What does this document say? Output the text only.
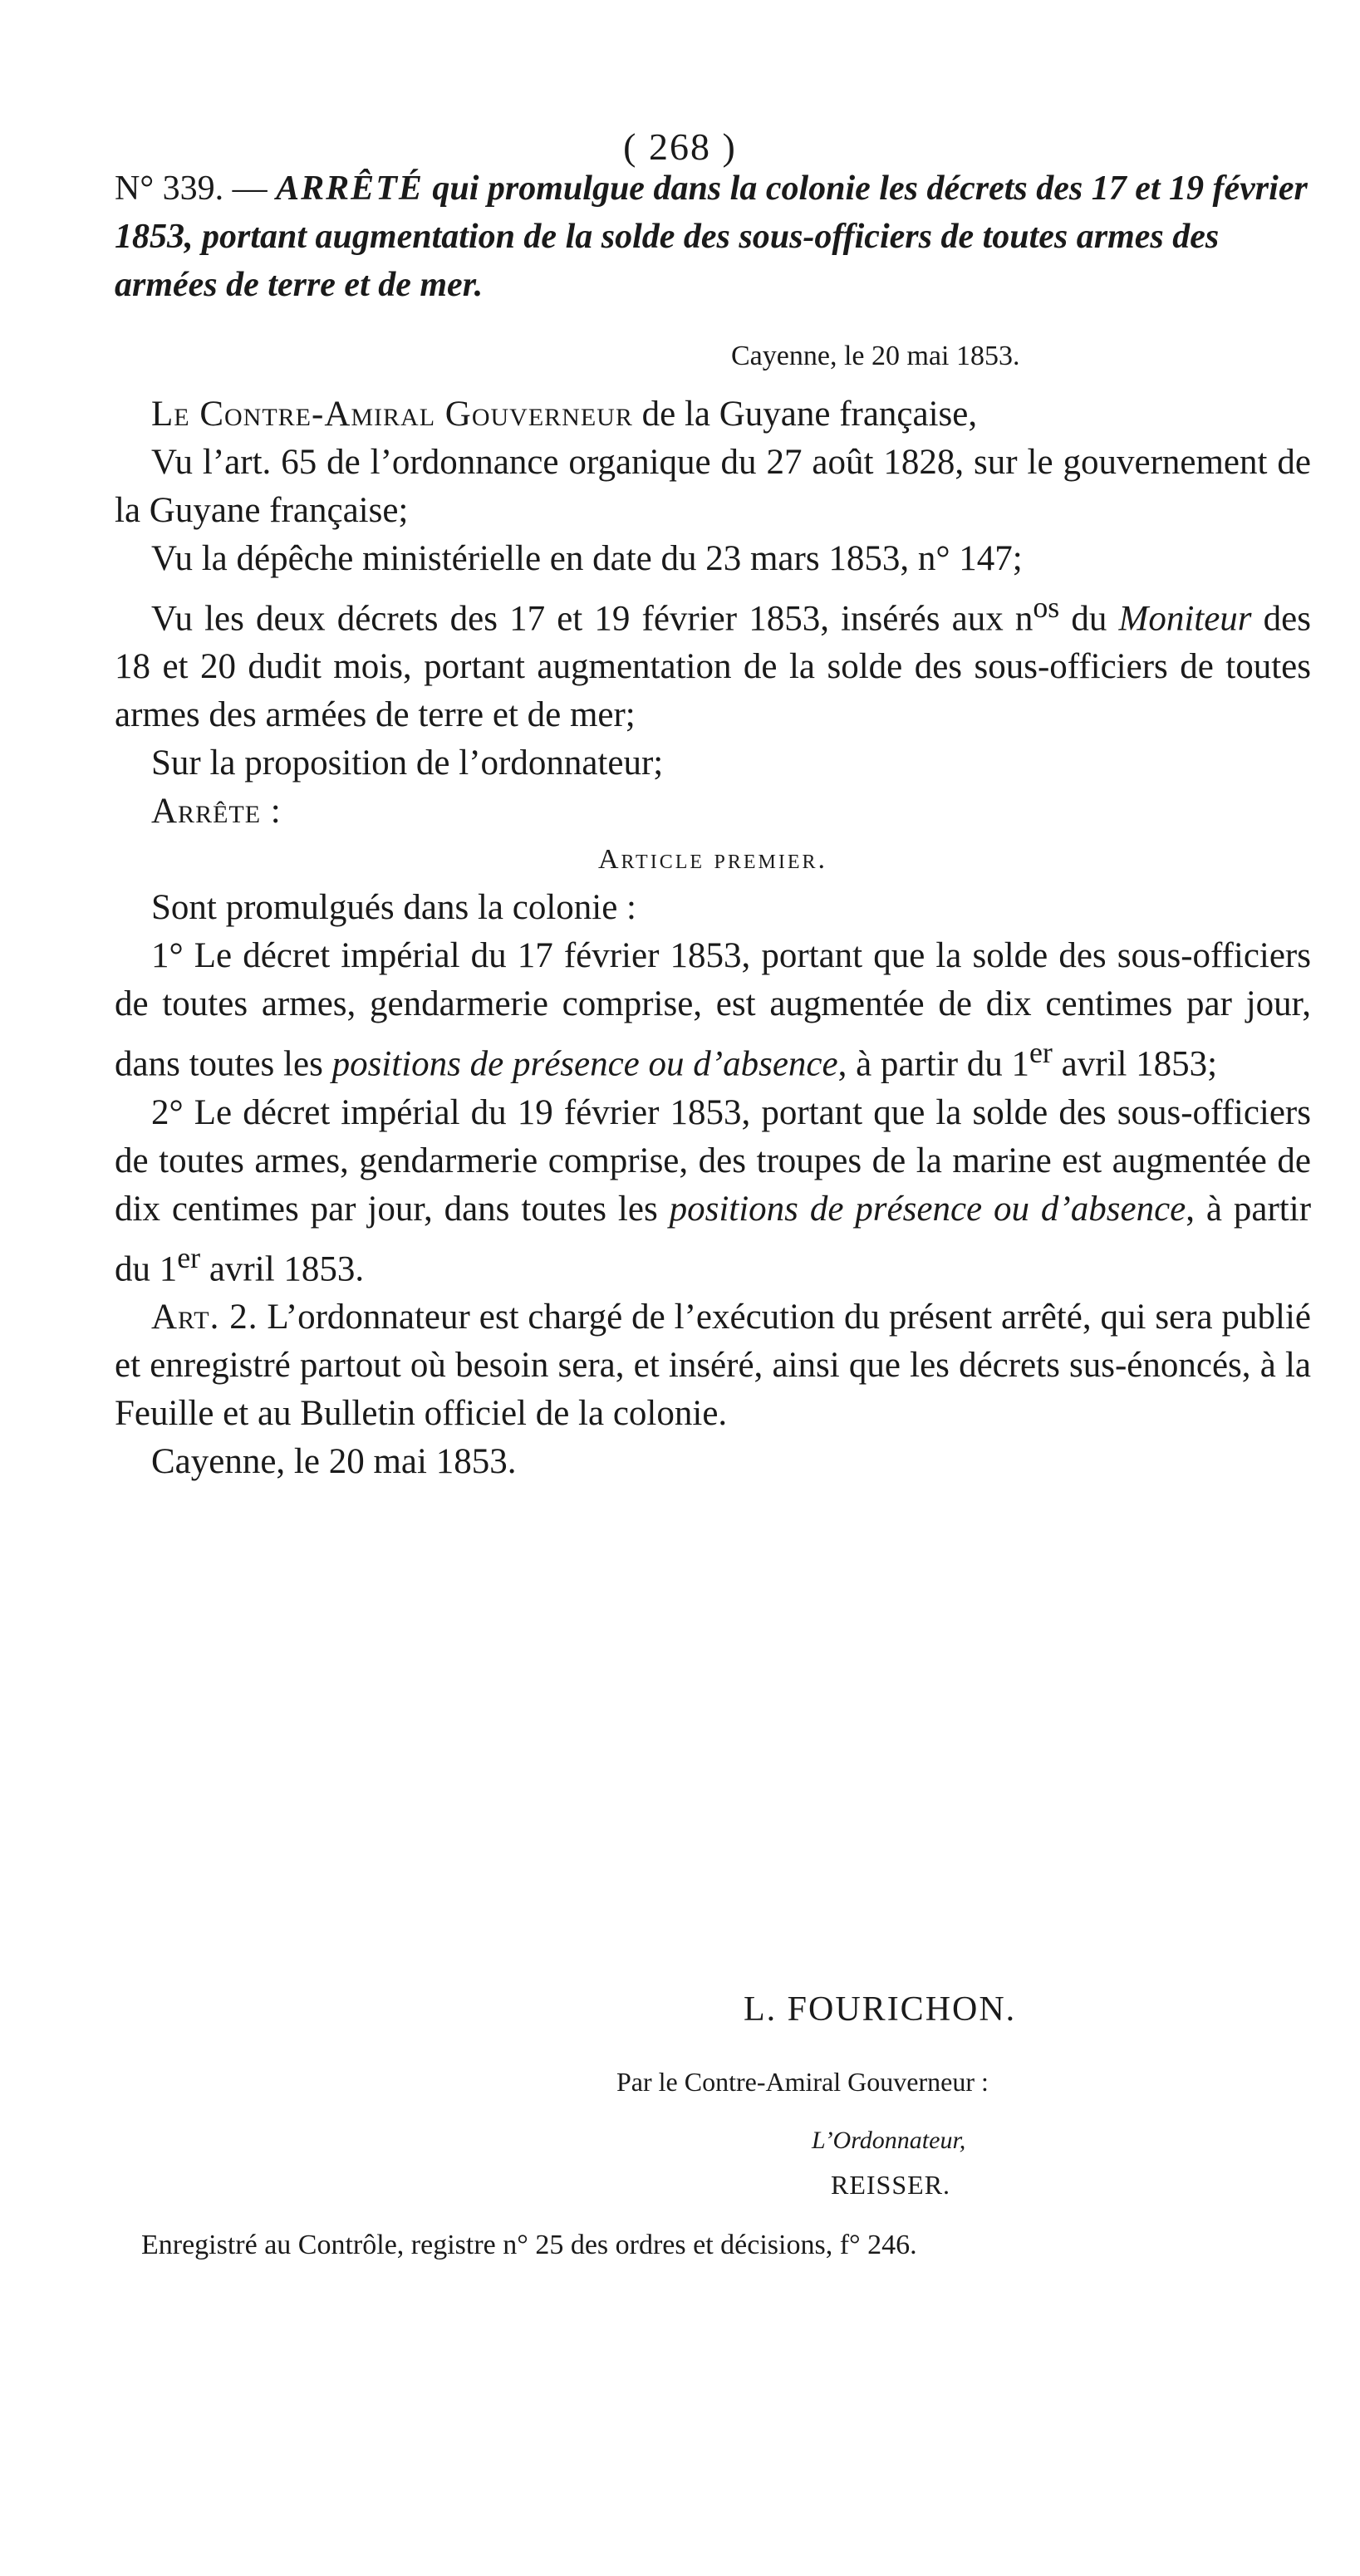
( 268 )
N° 339. — ARRÊTÉ qui promulgue dans la colonie les décrets des 17 et 19 février 1853, portant augmentation de la solde des sous-officiers de toutes armes des armées de terre et de mer.
Cayenne, le 20 mai 1853.

Le Contre-Amiral Gouverneur de la Guyane française,

Vu l’art. 65 de l’ordonnance organique du 27 août 1828, sur le gouvernement de la Guyane française;

Vu la dépêche ministérielle en date du 23 mars 1853, n° 147;

Vu les deux décrets des 17 et 19 février 1853, insérés aux $n^{os}$ du Moniteur des 18 et 20 dudit mois, portant augmentation de la solde des sous-officiers de toutes armes des armées de terre et de mer;

Sur la proposition de l’ordonnateur;

Arrête :

Article premier.

Sont promulgués dans la colonie :

1° Le décret impérial du 17 février 1853, portant que la solde des sous-officiers de toutes armes, gendarmerie comprise, est augmentée de dix centimes par jour, dans toutes les positions de présence ou d’absence, à partir du 1er avril 1853;

2° Le décret impérial du 19 février 1853, portant que la solde des sous-officiers de toutes armes, gendarmerie comprise, des troupes de la marine est augmentée de dix centimes par jour, dans toutes les positions de présence ou d’absence, à partir du 1er avril 1853.

Art. 2. L’ordonnateur est chargé de l’exécution du présent arrêté, qui sera publié et enregistré partout où besoin sera, et inséré, ainsi que les décrets sus-énoncés, à la Feuille et au Bulletin officiel de la colonie.

Cayenne, le 20 mai 1853.

L. FOURICHON.
Par le Contre-Amiral Gouverneur :
L’Ordonnateur,
REISSER.
Enregistré au Contrôle, registre n° 25 des ordres et décisions, f° 246.
